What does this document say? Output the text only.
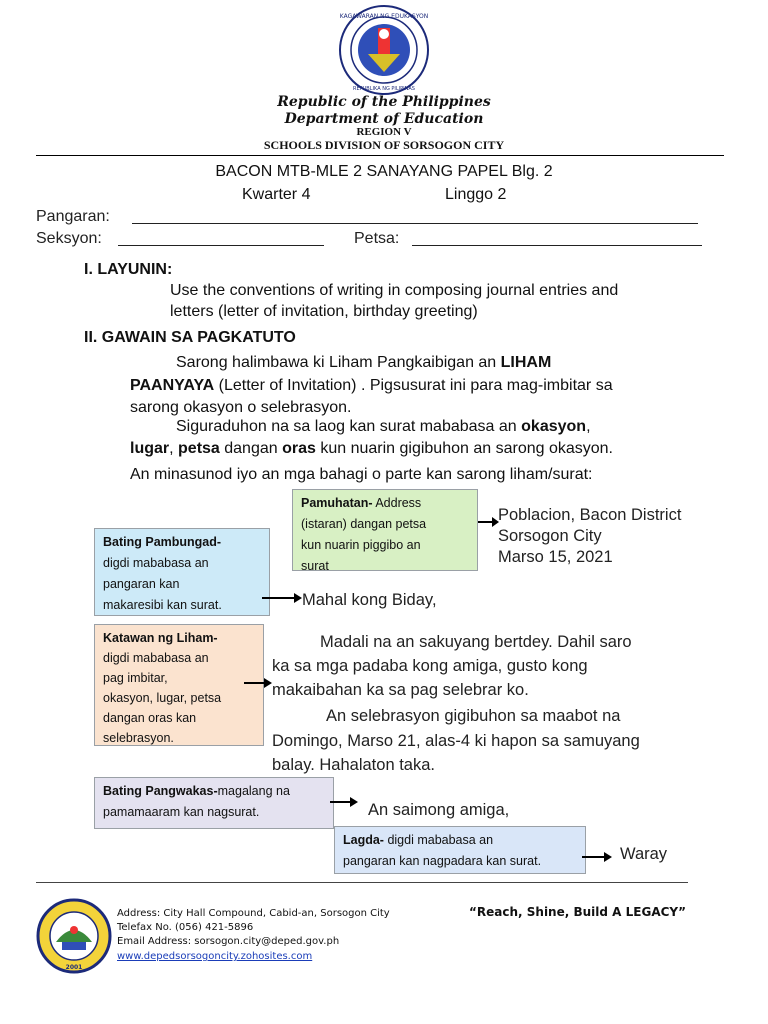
KAGAWARAN NG EDUKASYON
REPUBLIKA NG PILIPINAS
Republic of the Philippines
Department of Education
REGION V
SCHOOLS DIVISION OF SORSOGON CITY
BACON MTB-MLE 2 SANAYANG PAPEL Blg. 2
Kwarter 4	Linggo 2
Pangaran:
Seksyon:	Petsa:
I. LAYUNIN:
Use the conventions of writing in composing journal entries and
letters (letter of invitation, birthday greeting)
II. GAWAIN SA PAGKATUTO
Sarong halimbawa ki Liham Pangkaibigan an LIHAM
PAANYAYA (Letter of Invitation) . Pigsusurat ini para mag-imbitar sa
sarong okasyon o selebrasyon.
Siguraduhon na sa laog kan surat mababasa an okasyon,
lugar, petsa dangan oras kun nuarin gigibuhon an sarong okasyon.
An minasunod iyo an mga bahagi o parte kan sarong liham/surat:
Pamuhatan- Address
(istaran) dangan petsa
kun nuarin piggibo an
surat
Poblacion, Bacon District
Sorsogon City
Marso 15, 2021
Bating Pambungad-
digdi mababasa an
pangaran kan
makaresibi kan surat.	Mahal kong Biday,
Katawan ng Liham-
digdi mababasa an
pag imbitar,
okasyon, lugar, petsa
dangan oras kan
selebrasyon.
Madali na an sakuyang bertdey. Dahil saro
ka sa mga padaba kong amiga, gusto kong
makaibahan ka sa pag selebrar ko.
An selebrasyon gigibuhon sa maabot na
Domingo, Marso 21, alas-4 ki hapon sa samuyang
balay. Hahalaton taka.
Bating Pangwakas-magalang na
pamamaaram kan nagsurat.	An saimong amiga,
Lagda- digdi mababasa an
pangaran kan nagpadara kan surat.	Waray
2001
Address: City Hall Compound, Cabid-an, Sorsogon City
Telefax No. (056) 421-5896
Email Address: sorsogon.city@deped.gov.ph
www.depedsorsogoncity.zohosites.com
“Reach, Shine, Build A LEGACY”
